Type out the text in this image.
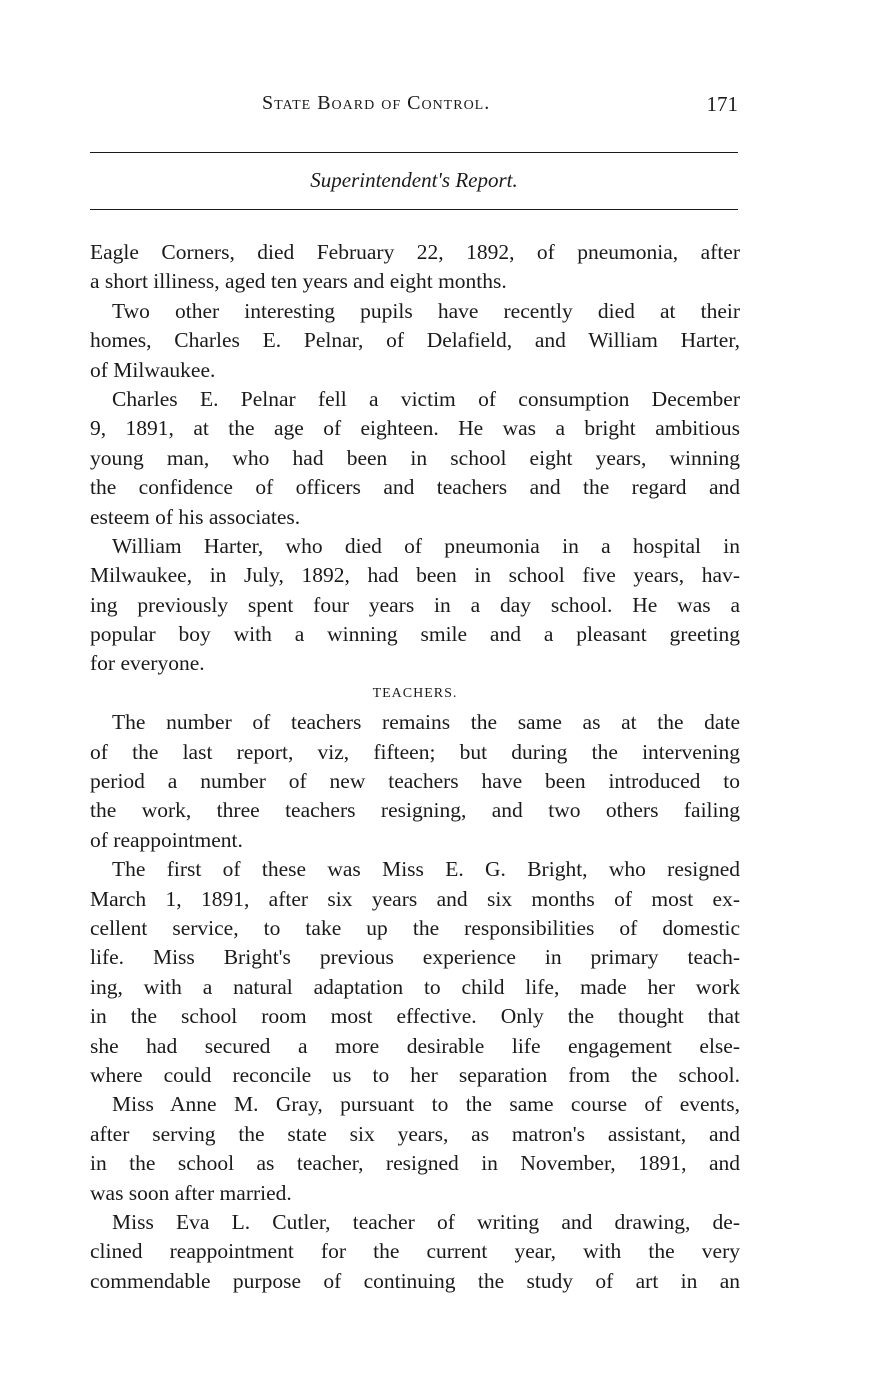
State Board of Control.	171
Superintendent's Report.
Eagle Corners, died February 22, 1892, of pneumonia, after
a short illiness, aged ten years and eight months.
Two other interesting pupils have recently died at their
homes, Charles E. Pelnar, of Delafield, and William Harter,
of Milwaukee.
Charles E. Pelnar fell a victim of consumption December
9, 1891, at the age of eighteen. He was a bright ambitious
young man, who had been in school eight years, winning
the confidence of officers and teachers and the regard and
esteem of his associates.
William Harter, who died of pneumonia in a hospital in
Milwaukee, in July, 1892, had been in school five years, hav-
ing previously spent four years in a day school. He was a
popular boy with a winning smile and a pleasant greeting
for everyone.
TEACHERS.
The number of teachers remains the same as at the date
of the last report, viz, fifteen; but during the intervening
period a number of new teachers have been introduced to
the work, three teachers resigning, and two others failing
of reappointment.
The first of these was Miss E. G. Bright, who resigned
March 1, 1891, after six years and six months of most ex-
cellent service, to take up the responsibilities of domestic
life. Miss Bright's previous experience in primary teach-
ing, with a natural adaptation to child life, made her work
in the school room most effective. Only the thought that
she had secured a more desirable life engagement else-
where could reconcile us to her separation from the school.
Miss Anne M. Gray, pursuant to the same course of events,
after serving the state six years, as matron's assistant, and
in the school as teacher, resigned in November, 1891, and
was soon after married.
Miss Eva L. Cutler, teacher of writing and drawing, de-
clined reappointment for the current year, with the very
commendable purpose of continuing the study of art in an
